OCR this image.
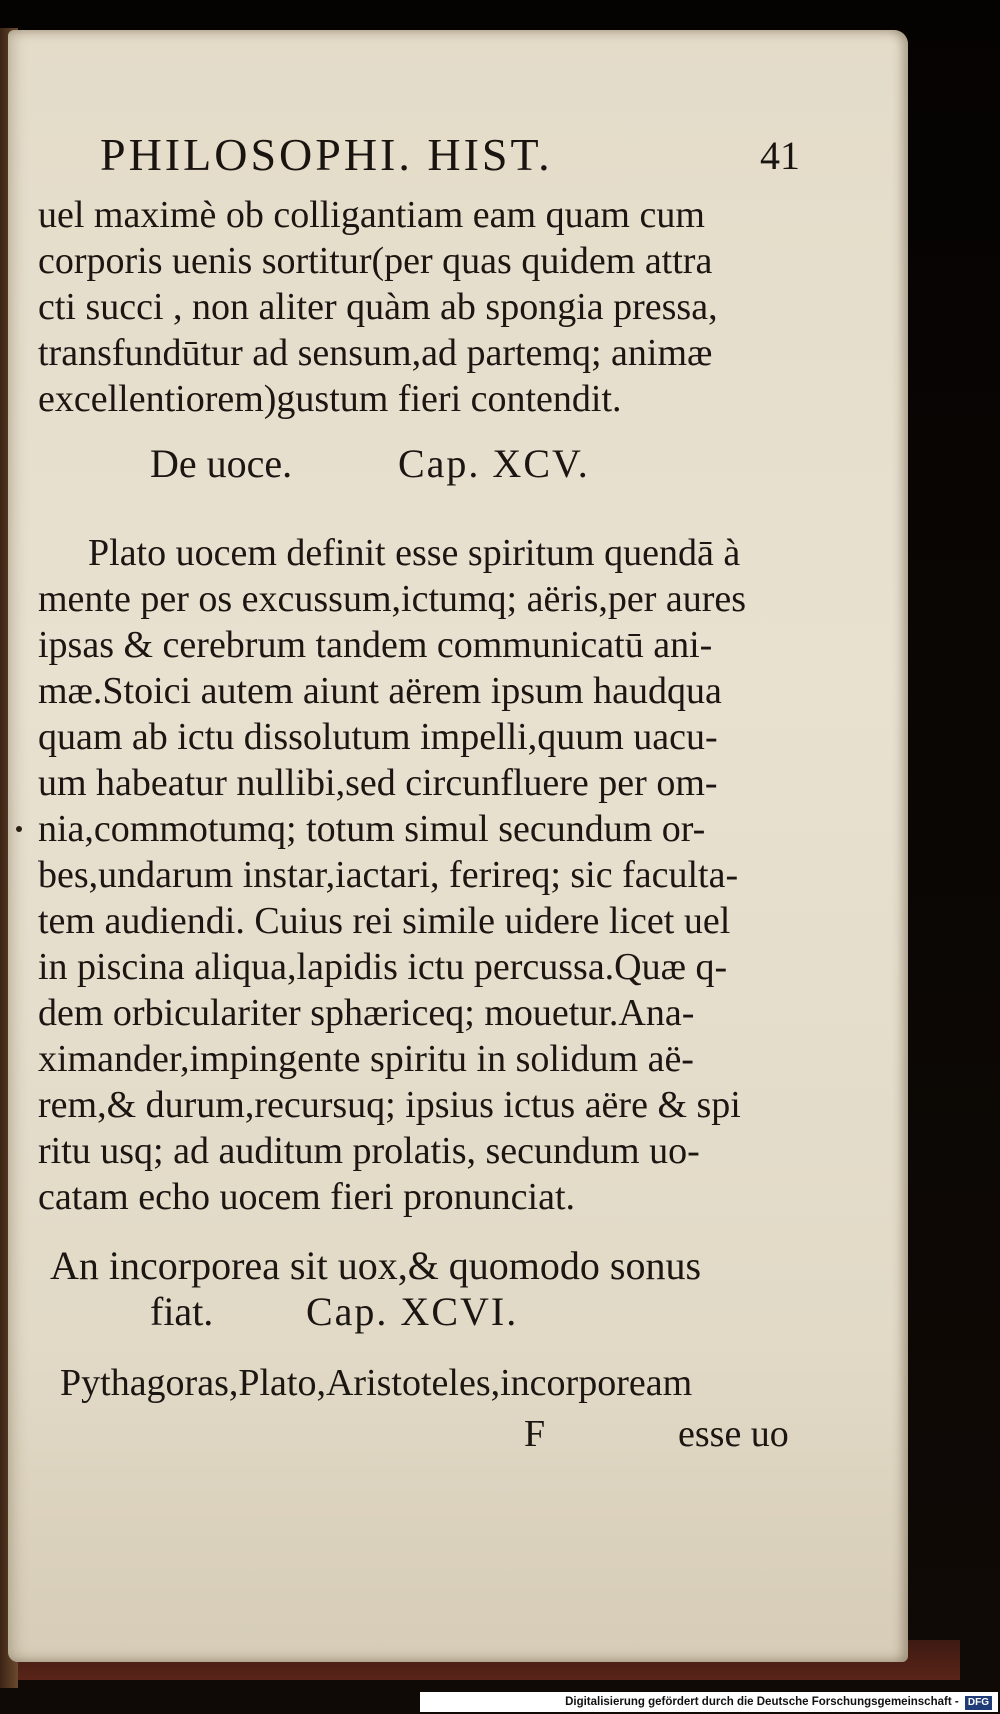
PHILOSOPHI. HIST.	41
uel maximè ob colligantiam eam quam cum
corporis uenis sortitur(per quas quidem attra
cti succi , non aliter quàm ab spongia pressa,
transfundūtur ad sensum,ad partemq; animæ
excellentiorem)gustum fieri contendit.
De uoce.	Cap. XCV.
Plato uocem definit esse spiritum quendā à
mente per os excussum,ictumq; aëris,per aures
ipsas & cerebrum tandem communicatū ani-
mæ.Stoici autem aiunt aërem ipsum haudqua
quam ab ictu dissolutum impelli,quum uacu-
um habeatur nullibi,sed circunfluere per om-
nia,commotumq; totum simul secundum or-
bes,undarum instar,iactari, ferireq; sic faculta-
tem audiendi. Cuius rei simile uidere licet uel
in piscina aliqua,lapidis ictu percussa.Quæ q-
dem orbiculariter sphæriceq; mouetur.Ana-
ximander,impingente spiritu in solidum aë-
rem,& durum,recursuq; ipsius ictus aëre & spi
ritu usq; ad auditum prolatis, secundum uo-
catam echo uocem fieri pronunciat.
An incorporea sit uox,& quomodo sonus
fiat. Cap. XCVI.
Pythagoras,Plato,Aristoteles,incorpoream
F	esse uo
Digitalisierung gefördert durch die Deutsche Forschungsgemeinschaft - DFG
